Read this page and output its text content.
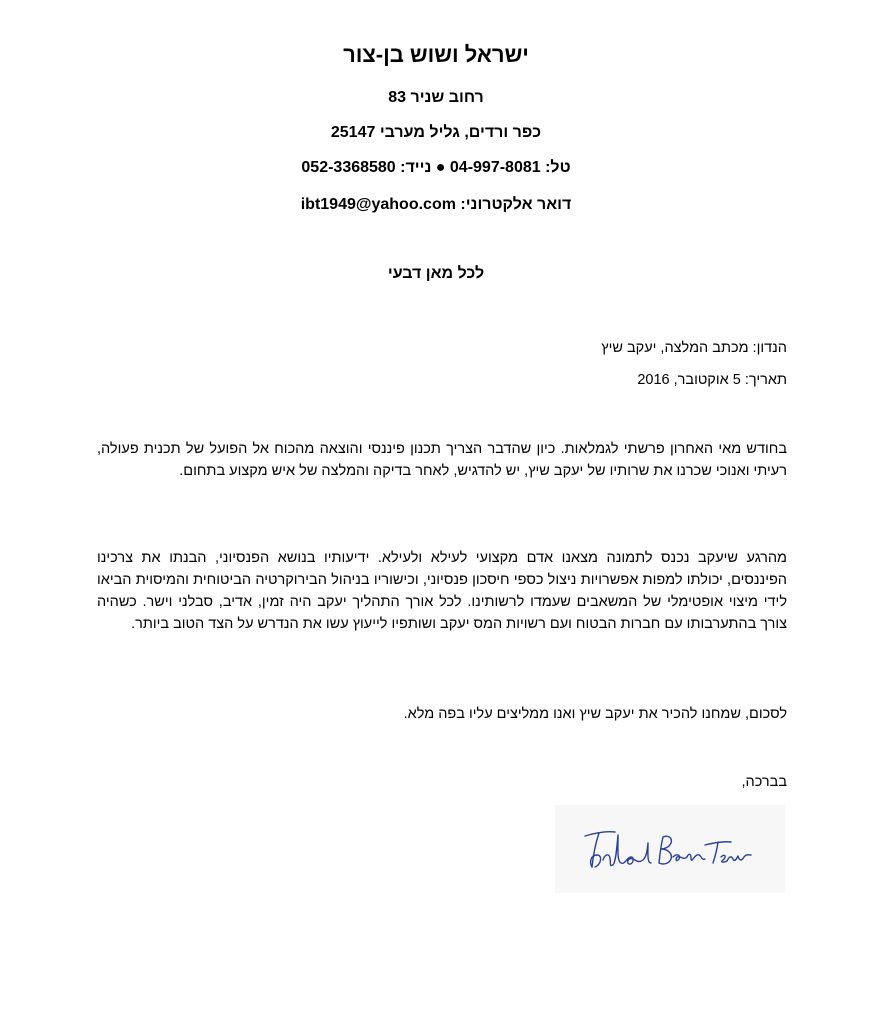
ישראל ושוש בן-צור
רחוב שניר 83
כפר ורדים, גליל מערבי 25147
טל: 04-997-8081 ● נייד: 052-3368580
דואר אלקטרוני: ibt1949@yahoo.com
לכל מאן דבעי
הנדון: מכתב המלצה, יעקב שיץ
תאריך: 5 אוקטובר, 2016
בחודש מאי האחרון פרשתי לגמלאות. כיון שהדבר הצריך תכנון פיננסי והוצאה מהכוח אל הפועל של תכנית פעולה, רעיתי ואנוכי שכרנו את שרותיו של יעקב שיץ, יש להדגיש, לאחר בדיקה והמלצה של איש מקצוע בתחום.
מהרגע שיעקב נכנס לתמונה מצאנו אדם מקצועי לעילא ולעילא. ידיעותיו בנושא הפנסיוני, הבנתו את צרכינו הפיננסים, יכולתו למפות אפשרויות ניצול כספי חיסכון פנסיוני, וכישוריו בניהול הבירוקרטיה הביטוחית והמיסוית הביאו לידי מיצוי אופטימלי של המשאבים שעמדו לרשותינו. לכל אורך התהליך יעקב היה זמין, אדיב, סבלני וישר. כשהיה צורך בהתערבותו עם חברות הבטוח ועם רשויות המס יעקב ושותפיו לייעוץ עשו את הנדרש על הצד הטוב ביותר.
לסכום, שמחנו להכיר את יעקב שיץ ואנו ממליצים עליו בפה מלא.
בברכה,
